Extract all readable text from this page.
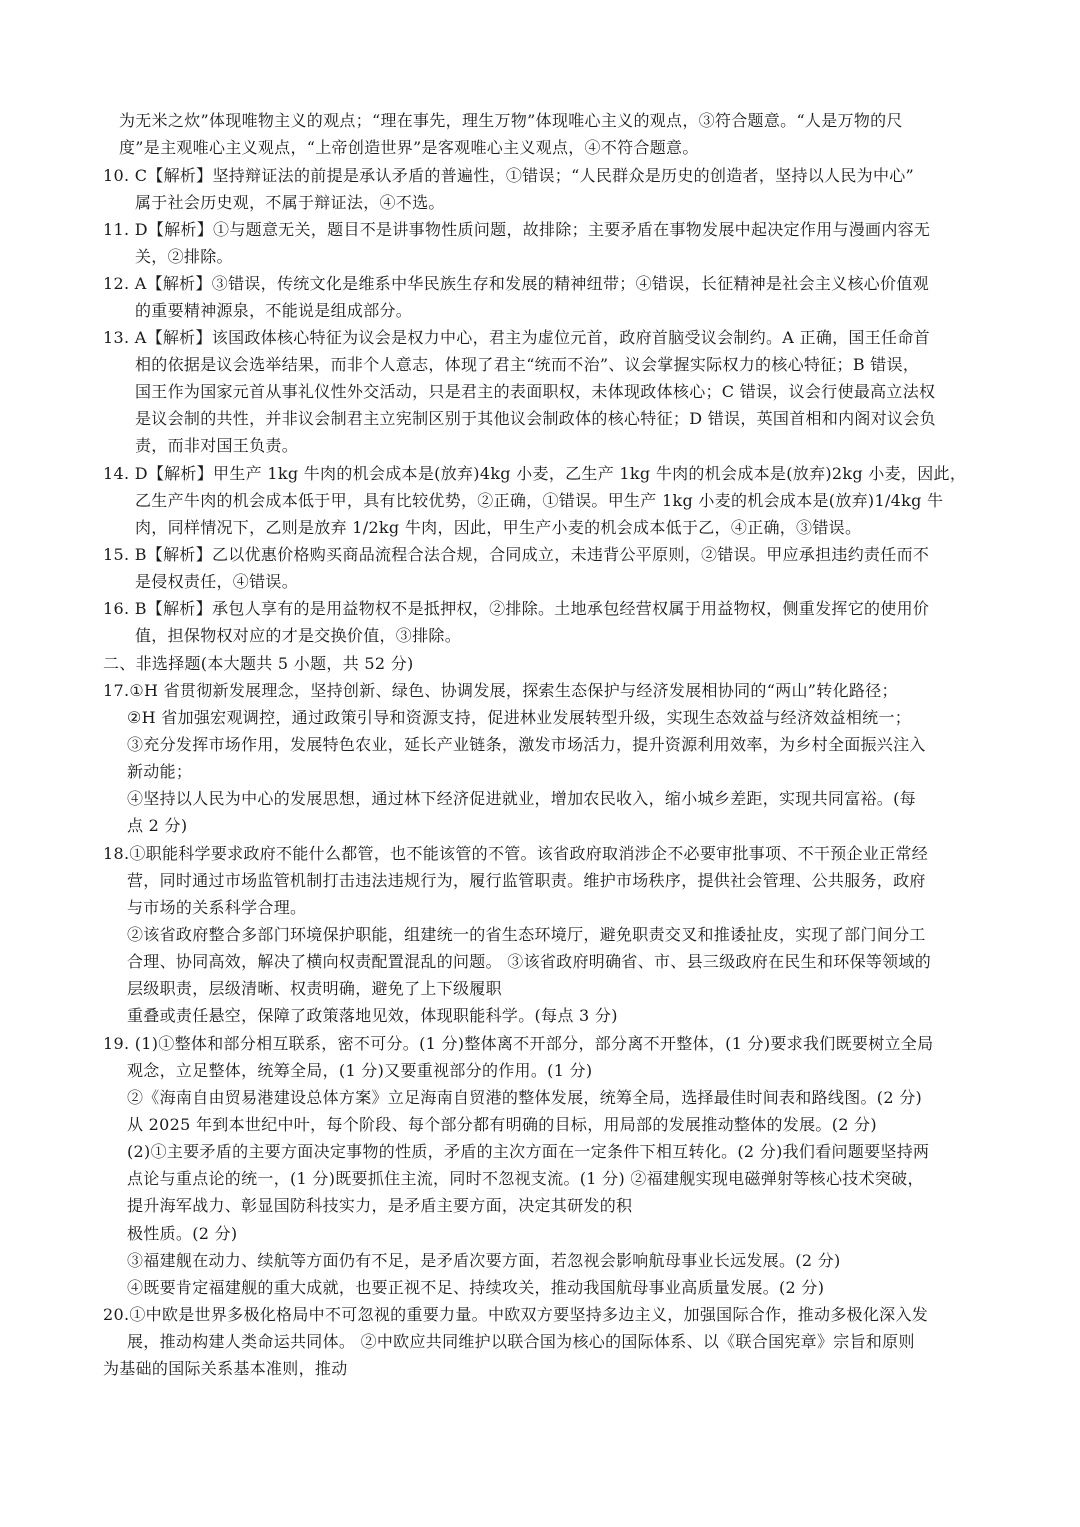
为无米之炊”体现唯物主义的观点；“理在事先，理生万物”体现唯心主义的观点，③符合题意。“人是万物的尺
度”是主观唯心主义观点，“上帝创造世界”是客观唯心主义观点，④不符合题意。
10. C【解析】坚持辩证法的前提是承认矛盾的普遍性，①错误；“人民群众是历史的创造者，坚持以人民为中心”
属于社会历史观，不属于辩证法，④不选。
11. D【解析】①与题意无关，题目不是讲事物性质问题，故排除；主要矛盾在事物发展中起决定作用与漫画内容无
关，②排除。
12. A【解析】③错误，传统文化是维系中华民族生存和发展的精神纽带；④错误，长征精神是社会主义核心价值观
的重要精神源泉，不能说是组成部分。
13. A【解析】该国政体核心特征为议会是权力中心，君主为虚位元首，政府首脑受议会制约。A 正确，国王任命首
相的依据是议会选举结果，而非个人意志，体现了君主“统而不治”、议会掌握实际权力的核心特征；B 错误，
国王作为国家元首从事礼仪性外交活动，只是君主的表面职权，未体现政体核心；C 错误，议会行使最高立法权
是议会制的共性，并非议会制君主立宪制区别于其他议会制政体的核心特征；D 错误，英国首相和内阁对议会负
责，而非对国王负责。
14. D【解析】甲生产 1kg 牛肉的机会成本是(放弃)4kg 小麦，乙生产 1kg 牛肉的机会成本是(放弃)2kg 小麦，因此，
乙生产牛肉的机会成本低于甲，具有比较优势，②正确，①错误。甲生产 1kg 小麦的机会成本是(放弃)1/4kg 牛
肉，同样情况下，乙则是放弃 1/2kg 牛肉，因此，甲生产小麦的机会成本低于乙，④正确，③错误。
15. B【解析】乙以优惠价格购买商品流程合法合规，合同成立，未违背公平原则，②错误。甲应承担违约责任而不
是侵权责任，④错误。
16. B【解析】承包人享有的是用益物权不是抵押权，②排除。土地承包经营权属于用益物权，侧重发挥它的使用价
值，担保物权对应的才是交换价值，③排除。
二、非选择题(本大题共 5 小题，共 52 分)
17.①H 省贯彻新发展理念，坚持创新、绿色、协调发展，探索生态保护与经济发展相协同的“两山”转化路径；
②H 省加强宏观调控，通过政策引导和资源支持，促进林业发展转型升级，实现生态效益与经济效益相统一；
③充分发挥市场作用，发展特色农业，延长产业链条，激发市场活力，提升资源利用效率，为乡村全面振兴注入
新动能；
④坚持以人民为中心的发展思想，通过林下经济促进就业，增加农民收入，缩小城乡差距，实现共同富裕。(每
点 2 分)
18.①职能科学要求政府不能什么都管，也不能该管的不管。该省政府取消涉企不必要审批事项、不干预企业正常经
营，同时通过市场监管机制打击违法违规行为，履行监管职责。维护市场秩序，提供社会管理、公共服务，政府
与市场的关系科学合理。
②该省政府整合多部门环境保护职能，组建统一的省生态环境厅，避免职责交叉和推诿扯皮，实现了部门间分工
合理、协同高效，解决了横向权责配置混乱的问题。 ③该省政府明确省、市、县三级政府在民生和环保等领域的
层级职责，层级清晰、权责明确，避免了上下级履职
重叠或责任悬空，保障了政策落地见效，体现职能科学。(每点 3 分)
19. (1)①整体和部分相互联系，密不可分。(1 分)整体离不开部分，部分离不开整体，(1 分)要求我们既要树立全局
观念，立足整体，统筹全局，(1 分)又要重视部分的作用。(1 分)
②《海南自由贸易港建设总体方案》立足海南自贸港的整体发展，统筹全局，选择最佳时间表和路线图。(2 分)
从 2025 年到本世纪中叶，每个阶段、每个部分都有明确的目标，用局部的发展推动整体的发展。(2 分)
(2)①主要矛盾的主要方面决定事物的性质，矛盾的主次方面在一定条件下相互转化。(2 分)我们看问题要坚持两
点论与重点论的统一，(1 分)既要抓住主流，同时不忽视支流。(1 分) ②福建舰实现电磁弹射等核心技术突破，
提升海军战力、彰显国防科技实力，是矛盾主要方面，决定其研发的积
极性质。(2 分)
③福建舰在动力、续航等方面仍有不足，是矛盾次要方面，若忽视会影响航母事业长远发展。(2 分)
④既要肯定福建舰的重大成就，也要正视不足、持续攻关，推动我国航母事业高质量发展。(2 分)
20.①中欧是世界多极化格局中不可忽视的重要力量。中欧双方要坚持多边主义，加强国际合作，推动多极化深入发
展，推动构建人类命运共同体。 ②中欧应共同维护以联合国为核心的国际体系、以《联合国宪章》宗旨和原则
为基础的国际关系基本准则，推动
